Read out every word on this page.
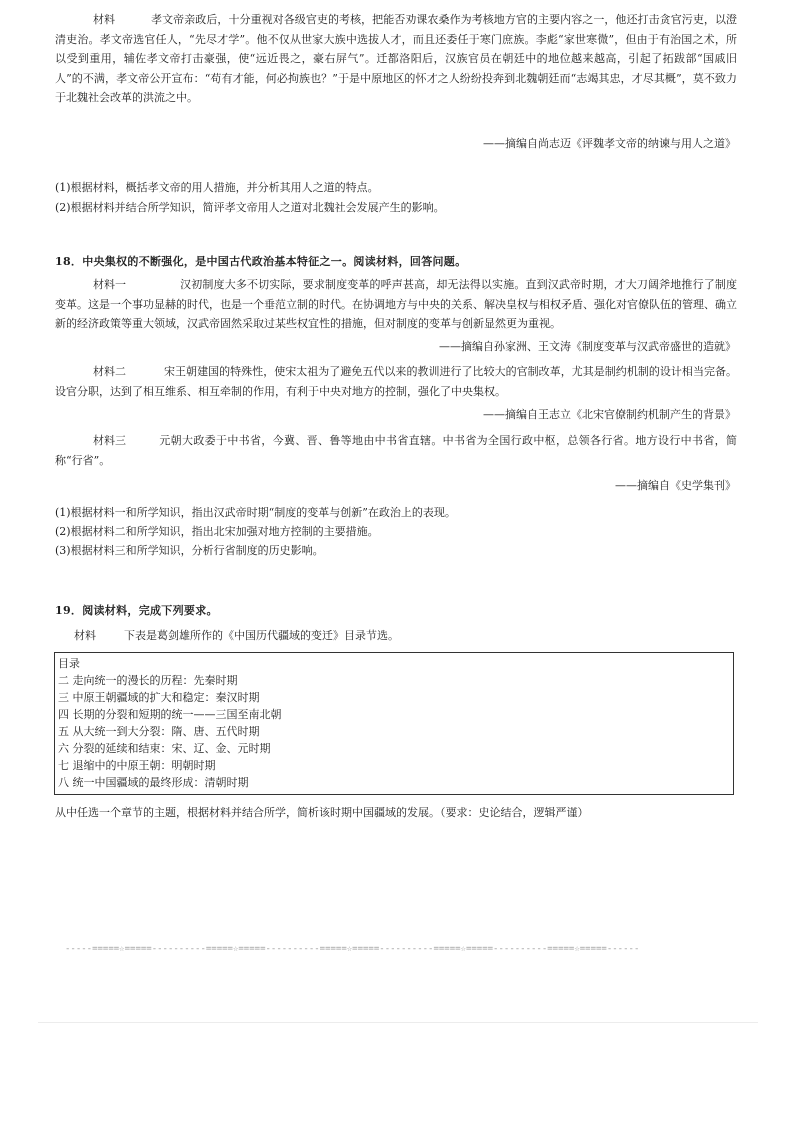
材料	孝文帝亲政后，十分重视对各级官吏的考核，把能否劝课农桑作为考核地方官的主要内容之一，他还打击贪官污吏，以澄清吏治。孝文帝选官任人，“先尽才学”。他不仅从世家大族中选拔人才，而且还委任于寒门庶族。李彪“家世寒微”，但由于有治国之术，所以受到重用，辅佐孝文帝打击豪强，使“远近畏之，豪右屏气”。迁都洛阳后，汉族官员在朝廷中的地位越来越高，引起了拓跋部“国戚旧人”的不满，孝文帝公开宣布：“苟有才能，何必拘族也？”于是中原地区的怀才之人纷纷投奔到北魏朝廷而“志竭其忠，才尽其概”，莫不致力于北魏社会改革的洪流之中。

——摘编自尚志迈《评魏孝文帝的纳谏与用人之道》

(1)根据材料，概括孝文帝的用人措施，并分析其用人之道的特点。

(2)根据材料并结合所学知识，简评孝文帝用人之道对北魏社会发展产生的影响。

18．中央集权的不断强化，是中国古代政治基本特征之一。阅读材料，回答问题。

材料一	汉初制度大多不切实际，要求制度变革的呼声甚高，却无法得以实施。直到汉武帝时期，才大刀阔斧地推行了制度变革。这是一个事功显赫的时代，也是一个垂范立制的时代。在协调地方与中央的关系、解决皇权与相权矛盾、强化对官僚队伍的管理、确立新的经济政策等重大领域，汉武帝固然采取过某些权宜性的措施，但对制度的变革与创新显然更为重视。

——摘编自孙家洲、王文涛《制度变革与汉武帝盛世的造就》

材料二	宋王朝建国的特殊性，使宋太祖为了避免五代以来的教训进行了比较大的官制改革，尤其是制约机制的设计相当完备。设官分职，达到了相互维系、相互牵制的作用，有利于中央对地方的控制，强化了中央集权。

——摘编自王志立《北宋官僚制约机制产生的背景》

材料三	元朝大政委于中书省，今冀、晋、鲁等地由中书省直辖。中书省为全国行政中枢，总领各行省。地方设行中书省，简称“行省”。

——摘编自《史学集刊》

(1)根据材料一和所学知识，指出汉武帝时期“制度的变革与创新”在政治上的表现。

(2)根据材料二和所学知识，指出北宋加强对地方控制的主要措施。

(3)根据材料三和所学知识，分析行省制度的历史影响。

19．阅读材料，完成下列要求。

材料	下表是葛剑雄所作的《中国历代疆域的变迁》目录节选。

目录
二 走向统一的漫长的历程：先秦时期
三 中原王朝疆域的扩大和稳定：秦汉时期
四 长期的分裂和短期的统一——三国至南北朝
五 从大统一到大分裂：隋、唐、五代时期
六 分裂的延续和结束：宋、辽、金、元时期
七 退缩中的中原王朝：明朝时期
八 统一中国疆域的最终形成：清朝时期

从中任选一个章节的主题，根据材料并结合所学，简析该时期中国疆域的发展。（要求：史论结合，逻辑严谨）

-----=====☆=====----------=====☆=====----------=====☆=====----------=====☆=====----------=====☆=====------
